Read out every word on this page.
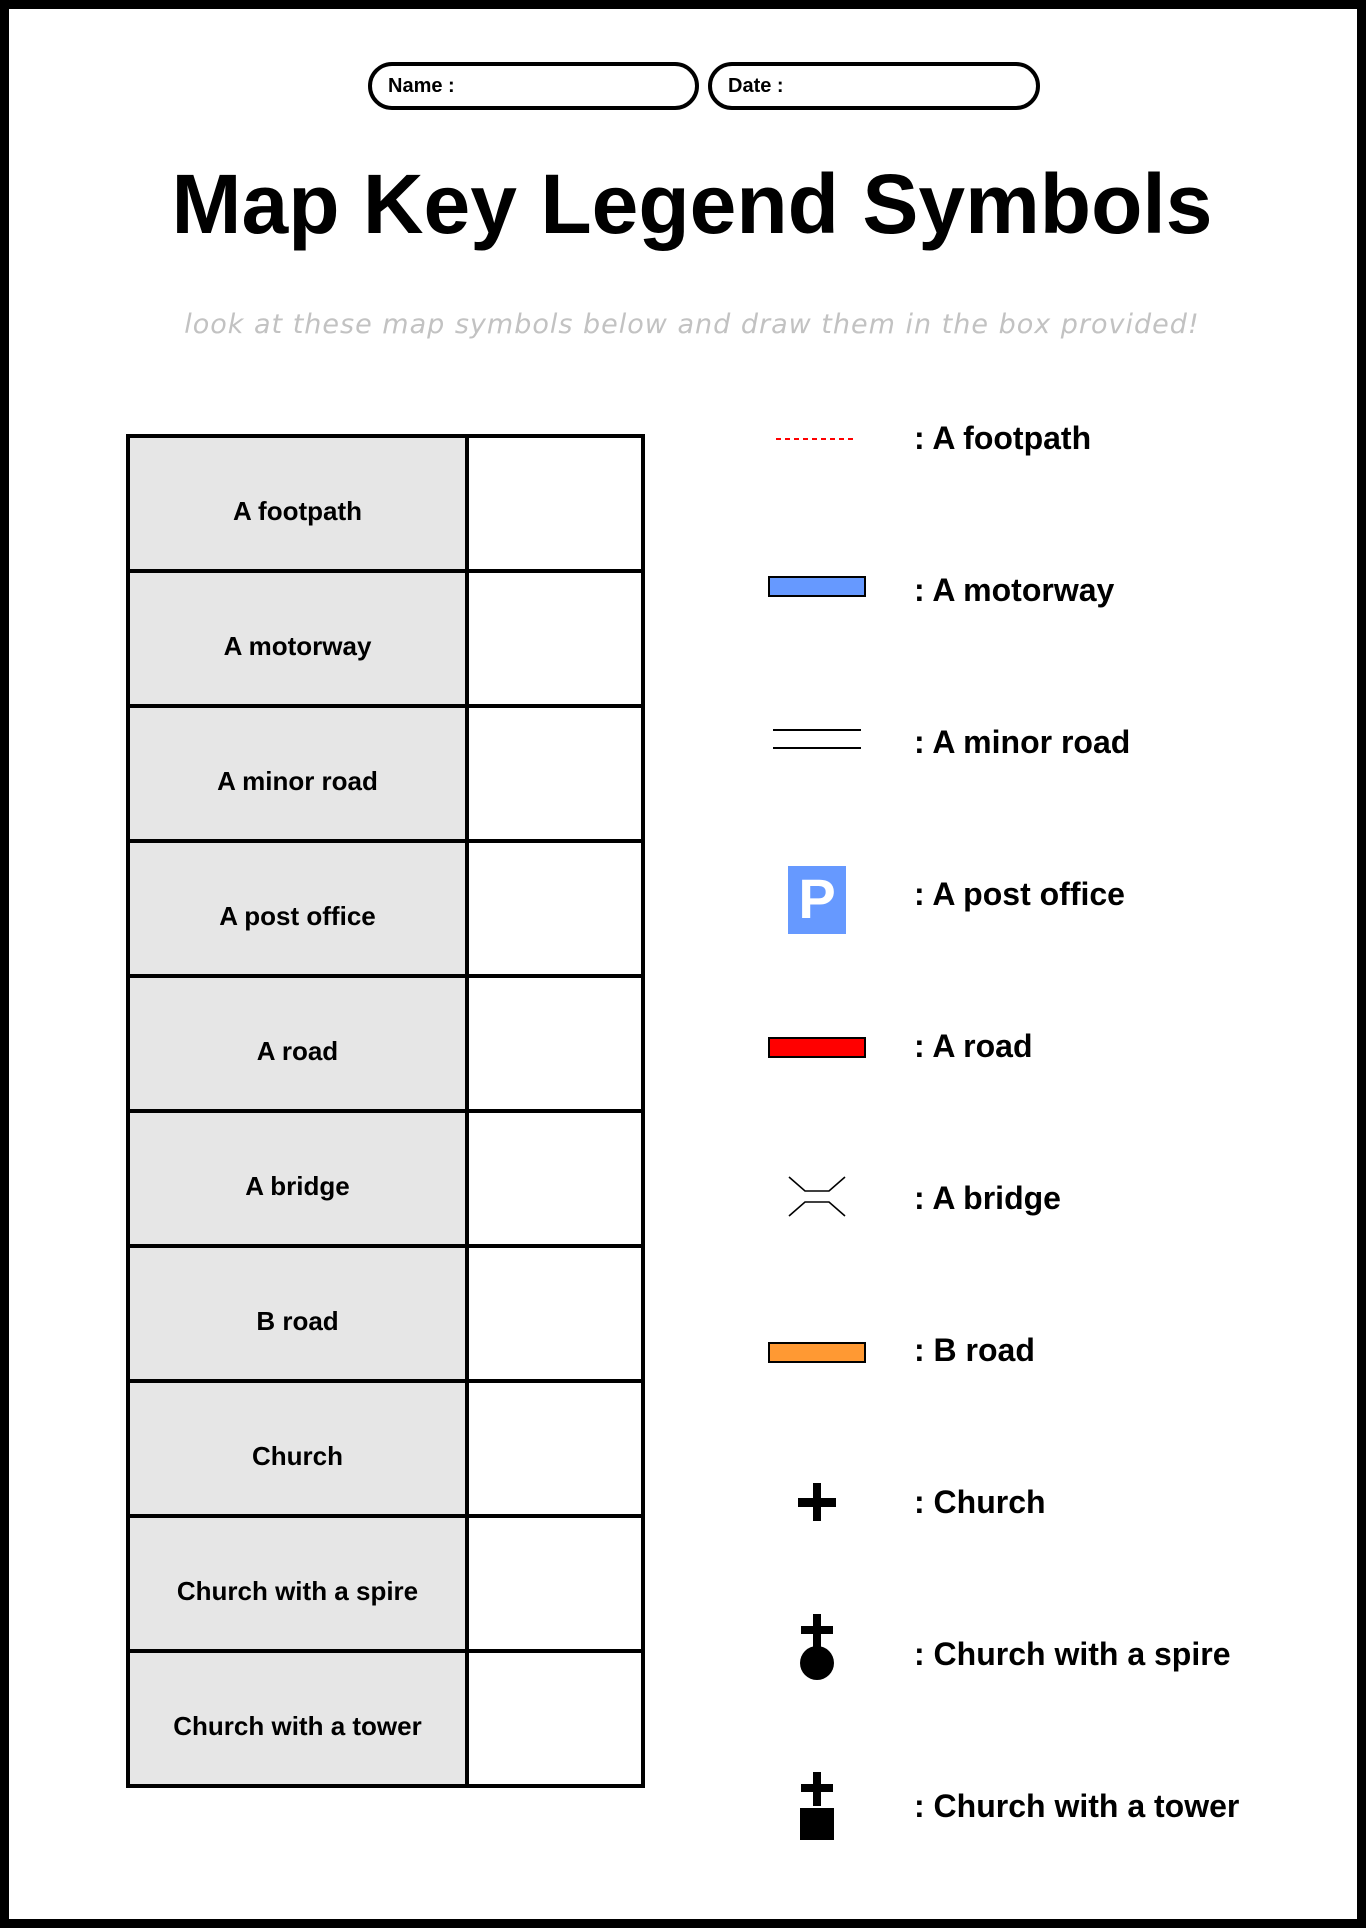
Name :	Date :
Map Key Legend Symbols
look at these map symbols below and draw them in the box provided!
A footpath	
A motorway	
A minor road	
A post office	
A road	
A bridge	
B road	
Church	
Church with a spire	
Church with a tower	
: A footpath
: A motorway
: A minor road
P : A post office
: A road
: A bridge
: B road
: Church
: Church with a spire
: Church with a tower
